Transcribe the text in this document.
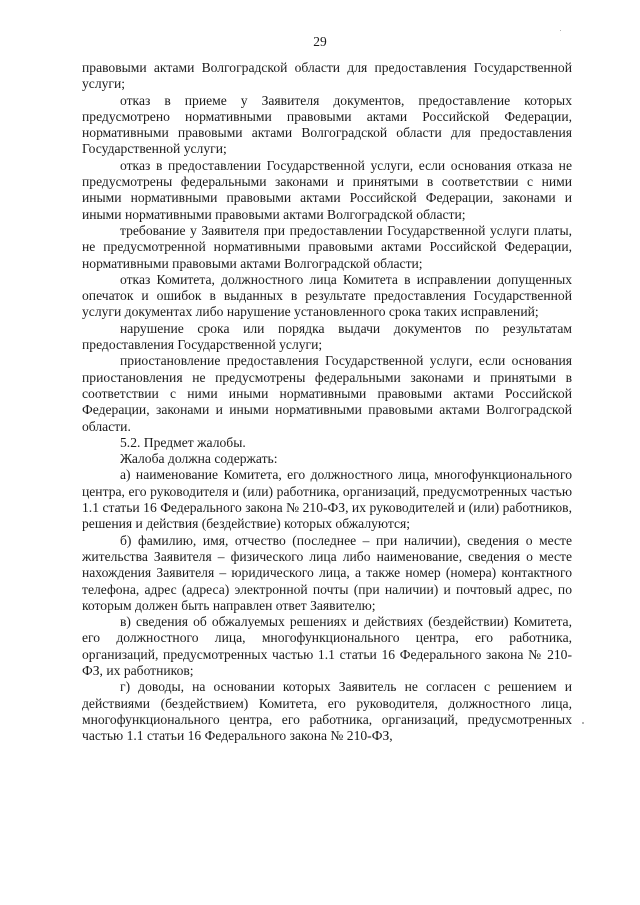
29

правовыми актами Волгоградской области для предоставления Государственной услуги;

отказ в приеме у Заявителя документов, предоставление которых предусмотрено нормативными правовыми актами Российской Федерации, нормативными правовыми актами Волгоградской области для предоставления Государственной услуги;

отказ в предоставлении Государственной услуги, если основания отказа не предусмотрены федеральными законами и принятыми в соответствии с ними иными нормативными правовыми актами Российской Федерации, законами и иными нормативными правовыми актами Волгоградской области;

требование у Заявителя при предоставлении Государственной услуги платы, не предусмотренной нормативными правовыми актами Российской Федерации, нормативными правовыми актами Волгоградской области;

отказ Комитета, должностного лица Комитета в исправлении допущенных опечаток и ошибок в выданных в результате предоставления Государственной услуги документах либо нарушение установленного срока таких исправлений;

нарушение срока или порядка выдачи документов по результатам предоставления Государственной услуги;

приостановление предоставления Государственной услуги, если основания приостановления не предусмотрены федеральными законами и принятыми в соответствии с ними иными нормативными правовыми актами Российской Федерации, законами и иными нормативными правовыми актами Волгоградской области.

5.2. Предмет жалобы.

Жалоба должна содержать:

а) наименование Комитета, его должностного лица, многофункционального центра, его руководителя и (или) работника, организаций, предусмотренных частью 1.1 статьи 16 Федерального закона № 210-ФЗ, их руководителей и (или) работников, решения и действия (бездействие) которых обжалуются;

б) фамилию, имя, отчество (последнее – при наличии), сведения о месте жительства Заявителя – физического лица либо наименование, сведения о месте нахождения Заявителя – юридического лица, а также номер (номера) контактного телефона, адрес (адреса) электронной почты (при наличии) и почтовый адрес, по которым должен быть направлен ответ Заявителю;

в) сведения об обжалуемых решениях и действиях (бездействии) Комитета, его должностного лица, многофункционального центра, его работника, организаций, предусмотренных частью 1.1 статьи 16 Федерального закона № 210-ФЗ, их работников;

г) доводы, на основании которых Заявитель не согласен с решением и действиями (бездействием) Комитета, его руководителя, должностного лица, многофункционального центра, его работника, организаций, предусмотренных частью 1.1 статьи 16 Федерального закона № 210-ФЗ,
